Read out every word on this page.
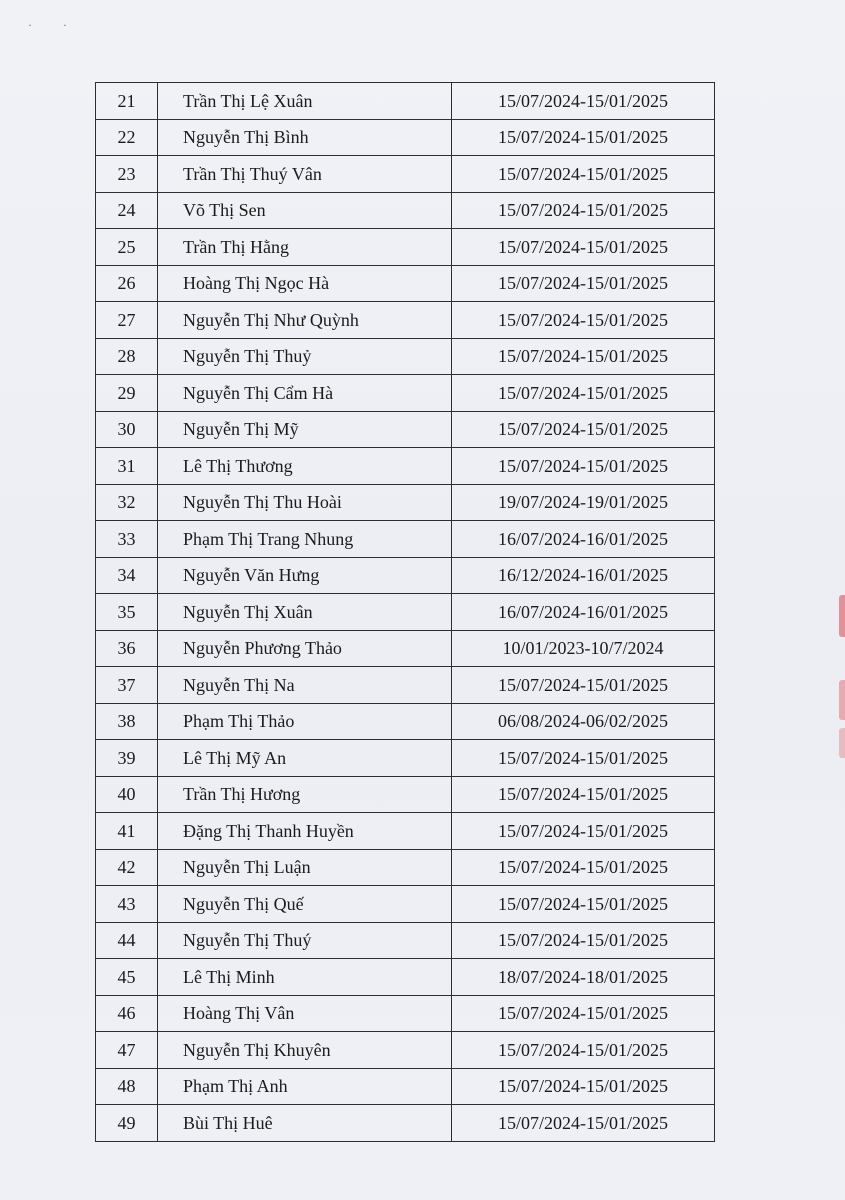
· ·
21	Trần Thị Lệ Xuân	15/07/2024-15/01/2025
22	Nguyễn Thị Bình	15/07/2024-15/01/2025
23	Trần Thị Thuý Vân	15/07/2024-15/01/2025
24	Võ Thị Sen	15/07/2024-15/01/2025
25	Trần Thị Hằng	15/07/2024-15/01/2025
26	Hoàng Thị Ngọc Hà	15/07/2024-15/01/2025
27	Nguyễn Thị Như Quỳnh	15/07/2024-15/01/2025
28	Nguyễn Thị Thuỷ	15/07/2024-15/01/2025
29	Nguyễn Thị Cẩm Hà	15/07/2024-15/01/2025
30	Nguyễn Thị Mỹ	15/07/2024-15/01/2025
31	Lê Thị Thương	15/07/2024-15/01/2025
32	Nguyễn Thị Thu Hoài	19/07/2024-19/01/2025
33	Phạm Thị Trang Nhung	16/07/2024-16/01/2025
34	Nguyễn Văn Hưng	16/12/2024-16/01/2025
35	Nguyễn Thị Xuân	16/07/2024-16/01/2025
36	Nguyễn Phương Thảo	10/01/2023-10/7/2024
37	Nguyễn Thị Na	15/07/2024-15/01/2025
38	Phạm Thị Thảo	06/08/2024-06/02/2025
39	Lê Thị Mỹ An	15/07/2024-15/01/2025
40	Trần Thị Hương	15/07/2024-15/01/2025
41	Đặng Thị Thanh Huyền	15/07/2024-15/01/2025
42	Nguyễn Thị Luận	15/07/2024-15/01/2025
43	Nguyễn Thị Quế	15/07/2024-15/01/2025
44	Nguyễn Thị Thuý	15/07/2024-15/01/2025
45	Lê Thị Minh	18/07/2024-18/01/2025
46	Hoàng Thị Vân	15/07/2024-15/01/2025
47	Nguyễn Thị Khuyên	15/07/2024-15/01/2025
48	Phạm Thị Anh	15/07/2024-15/01/2025
49	Bùi Thị Huê	15/07/2024-15/01/2025
